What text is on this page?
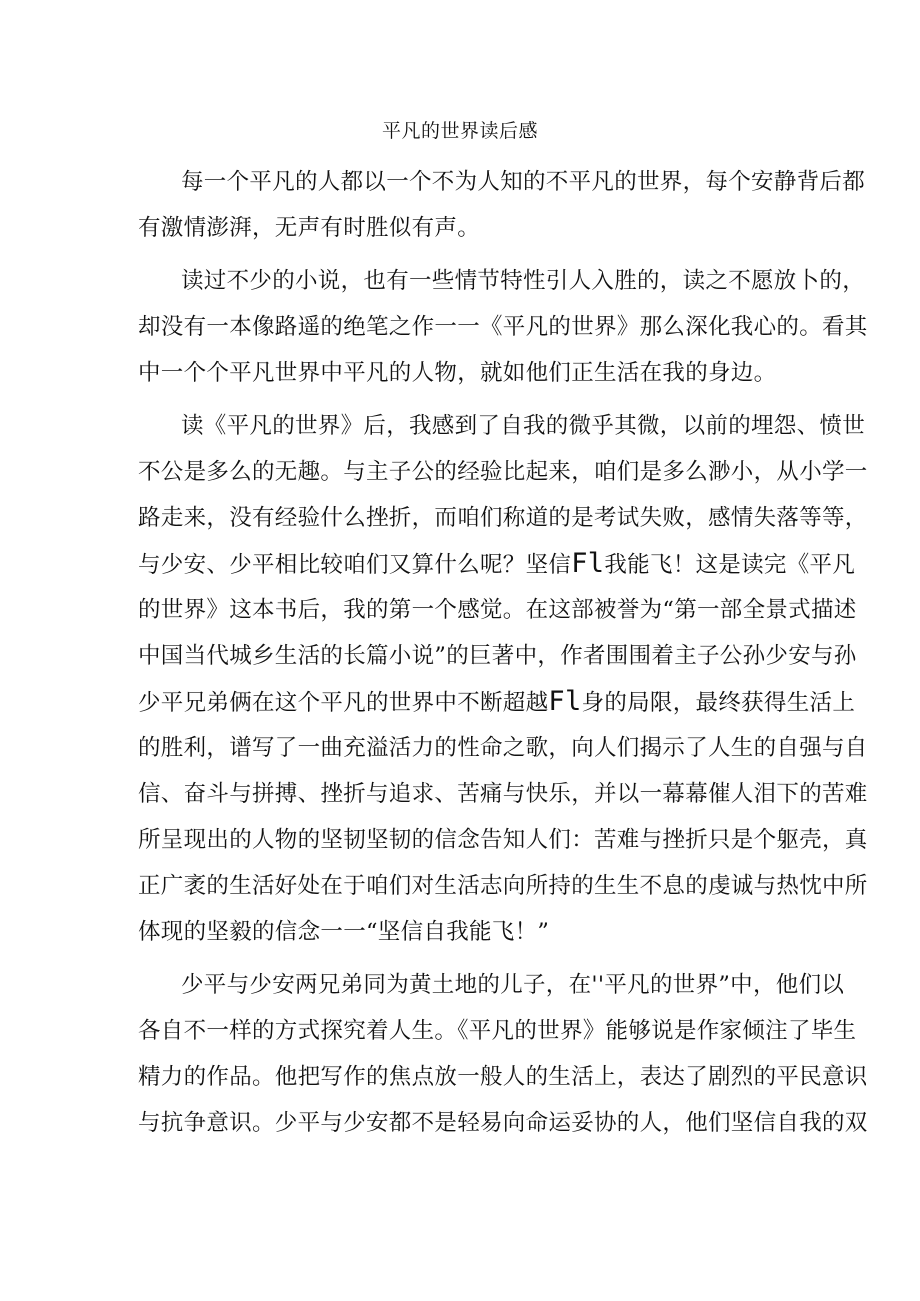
平凡的世界读后感
每一个平凡的人都以一个不为人知的不平凡的世界，每个安静背后都
有激情澎湃，无声有时胜似有声。
读过不少的小说，也有一些情节特性引人入胜的，读之不愿放卜的，
却没有一本像路遥的绝笔之作一一《平凡的世界》那么深化我心的。看其
中一个个平凡世界中平凡的人物，就如他们正生活在我的身边。
读《平凡的世界》后，我感到了自我的微乎其微，以前的埋怨、愤世
不公是多么的无趣。与主子公的经验比起来，咱们是多么渺小，从小学一
路走来，没有经验什么挫折，而咱们称道的是考试失败，感情失落等等，
与少安、少平相比较咱们又算什么呢？坚信Fl我能飞！这是读完《平凡
的世界》这本书后，我的第一个感觉。在这部被誉为“第一部全景式描述
中国当代城乡生活的长篇小说”的巨著中，作者围围着主子公孙少安与孙
少平兄弟俩在这个平凡的世界中不断超越Fl身的局限，最终获得生活上
的胜利，谱写了一曲充溢活力的性命之歌，向人们揭示了人生的自强与自
信、奋斗与拼搏、挫折与追求、苦痛与快乐，并以一幕幕催人泪下的苦难
所呈现出的人物的坚韧坚韧的信念告知人们：苦难与挫折只是个躯壳，真
正广袤的生活好处在于咱们对生活志向所持的生生不息的虔诚与热忱中所
体现的坚毅的信念一一“坚信自我能飞！”
少平与少安两兄弟同为黄土地的儿子，在''平凡的世界”中，他们以
各自不一样的方式探究着人生。《平凡的世界》能够说是作家倾注了毕生
精力的作品。他把写作的焦点放一般人的生活上，表达了剧烈的平民意识
与抗争意识。少平与少安都不是轻易向命运妥协的人，他们坚信自我的双
